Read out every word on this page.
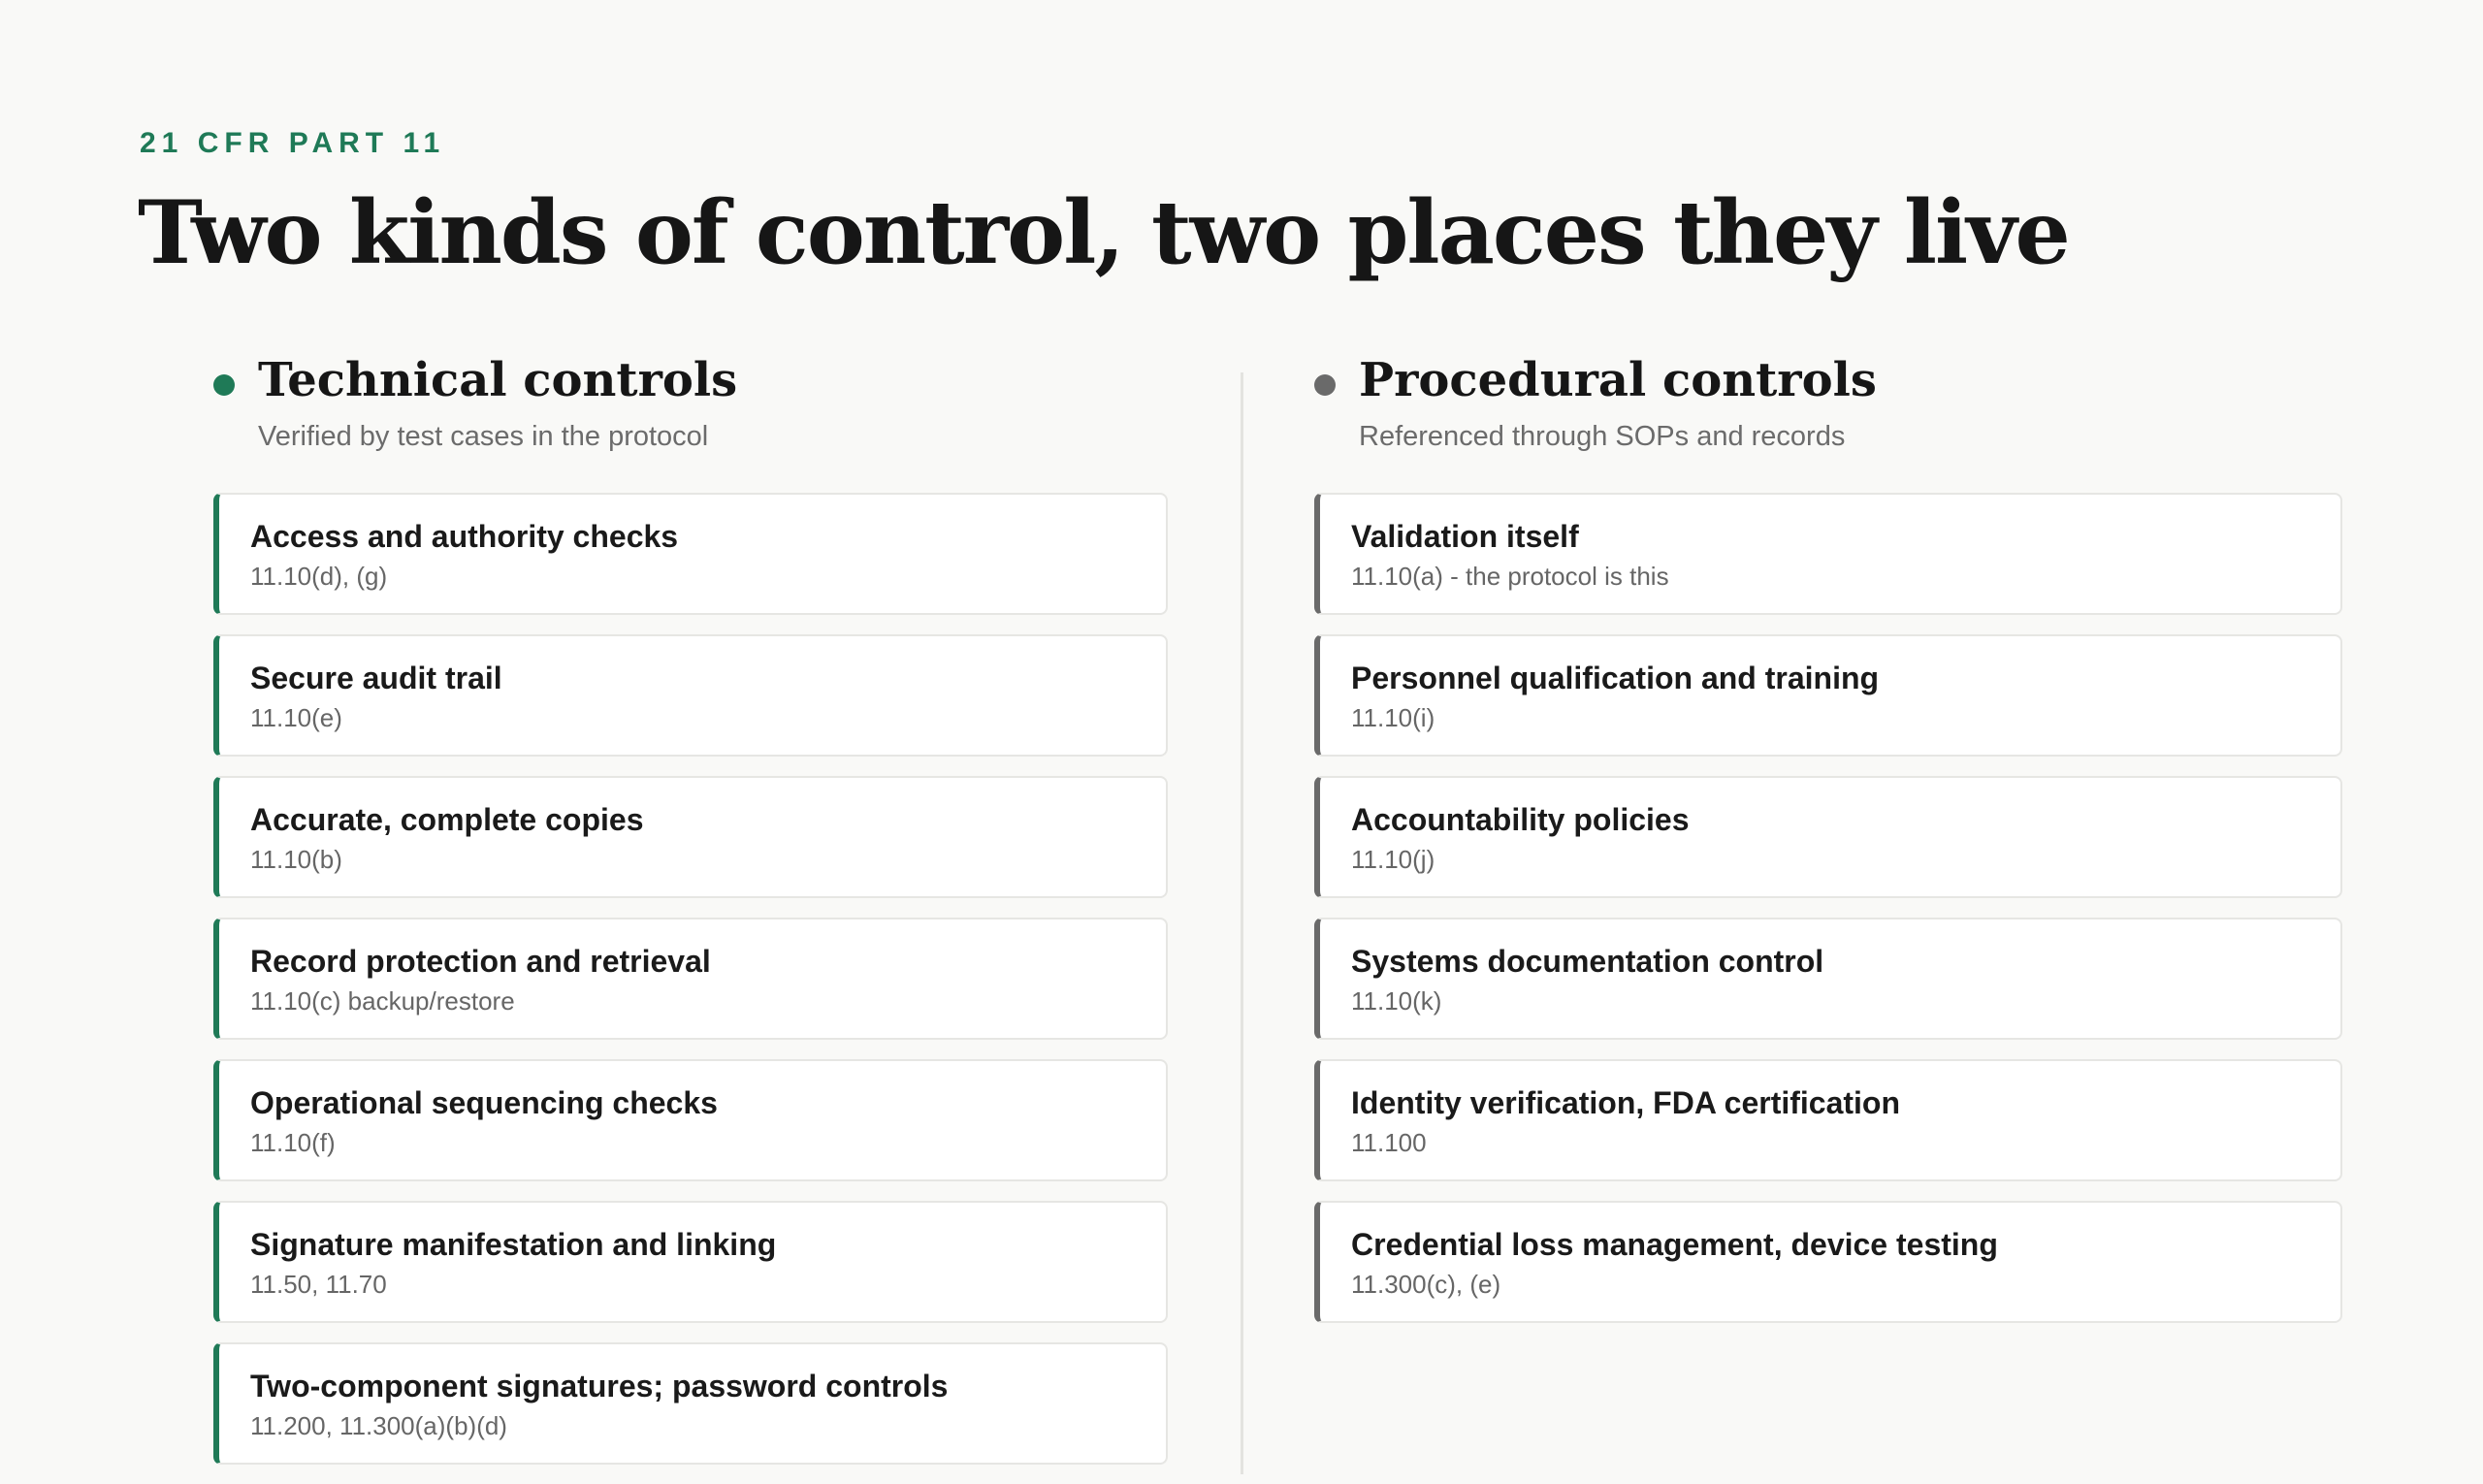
21 CFR PART 11
Two kinds of control, two places they live
Technical controls
Verified by test cases in the protocol
Access and authority checks
11.10(d), (g)
Secure audit trail
11.10(e)
Accurate, complete copies
11.10(b)
Record protection and retrieval
11.10(c) backup/restore
Operational sequencing checks
11.10(f)
Signature manifestation and linking
11.50, 11.70
Two-component signatures; password controls
11.200, 11.300(a)(b)(d)
Procedural controls
Referenced through SOPs and records
Validation itself
11.10(a) - the protocol is this
Personnel qualification and training
11.10(i)
Accountability policies
11.10(j)
Systems documentation control
11.10(k)
Identity verification, FDA certification
11.100
Credential loss management, device testing
11.300(c), (e)
